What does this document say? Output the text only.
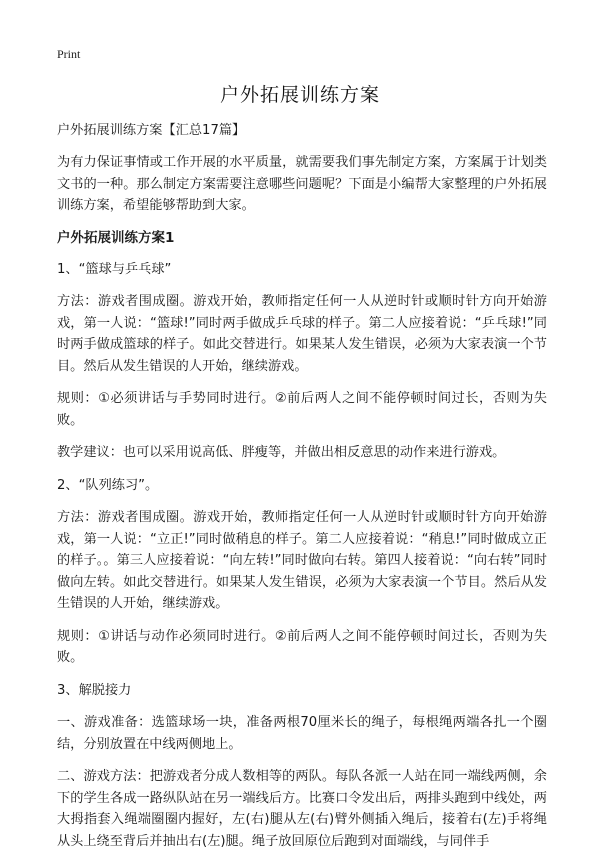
Print
户外拓展训练方案
户外拓展训练方案【汇总17篇】

为有力保证事情或工作开展的水平质量，就需要我们事先制定方案，方案属于计划类文书的一种。那么制定方案需要注意哪些问题呢？下面是小编帮大家整理的户外拓展训练方案，希望能够帮助到大家。

户外拓展训练方案1

1、“篮球与乒乓球”

方法：游戏者围成圈。游戏开始，教师指定任何一人从逆时针或顺时针方向开始游戏，第一人说：“篮球!”同时两手做成乒乓球的样子。第二人应接着说：“乒乓球!”同时两手做成篮球的样子。如此交替进行。如果某人发生错误，必须为大家表演一个节目。然后从发生错误的人开始，继续游戏。

规则：①必须讲话与手势同时进行。②前后两人之间不能停顿时间过长，否则为失败。

教学建议：也可以采用说高低、胖瘦等，并做出相反意思的动作来进行游戏。

2、“队列练习”。

方法：游戏者围成圈。游戏开始，教师指定任何一人从逆时针或顺时针方向开始游戏，第一人说：“立正!”同时做稍息的样子。第二人应接着说：“稍息!”同时做成立正的样子。。第三人应接着说：“向左转!”同时做向右转。第四人接着说：“向右转”同时做向左转。如此交替进行。如果某人发生错误，必须为大家表演一个节目。然后从发生错误的人开始，继续游戏。

规则：①讲话与动作必须同时进行。②前后两人之间不能停顿时间过长，否则为失败。

3、解脱接力

一、游戏准备：选篮球场一块，准备两根70厘米长的绳子，每根绳两端各扎一个圈结，分别放置在中线两侧地上。

二、游戏方法：把游戏者分成人数相等的两队。每队各派一人站在同一端线两侧，余下的学生各成一路纵队站在另一端线后方。比赛口令发出后，两排头跑到中线处，两大拇指套入绳端圈圈内握好，左(右)腿从左(右)臂外侧插入绳后，接着右(左)手将绳从头上绕至背后并抽出右(左)腿。绳子放回原位后跑到对面端线，与同伴手
